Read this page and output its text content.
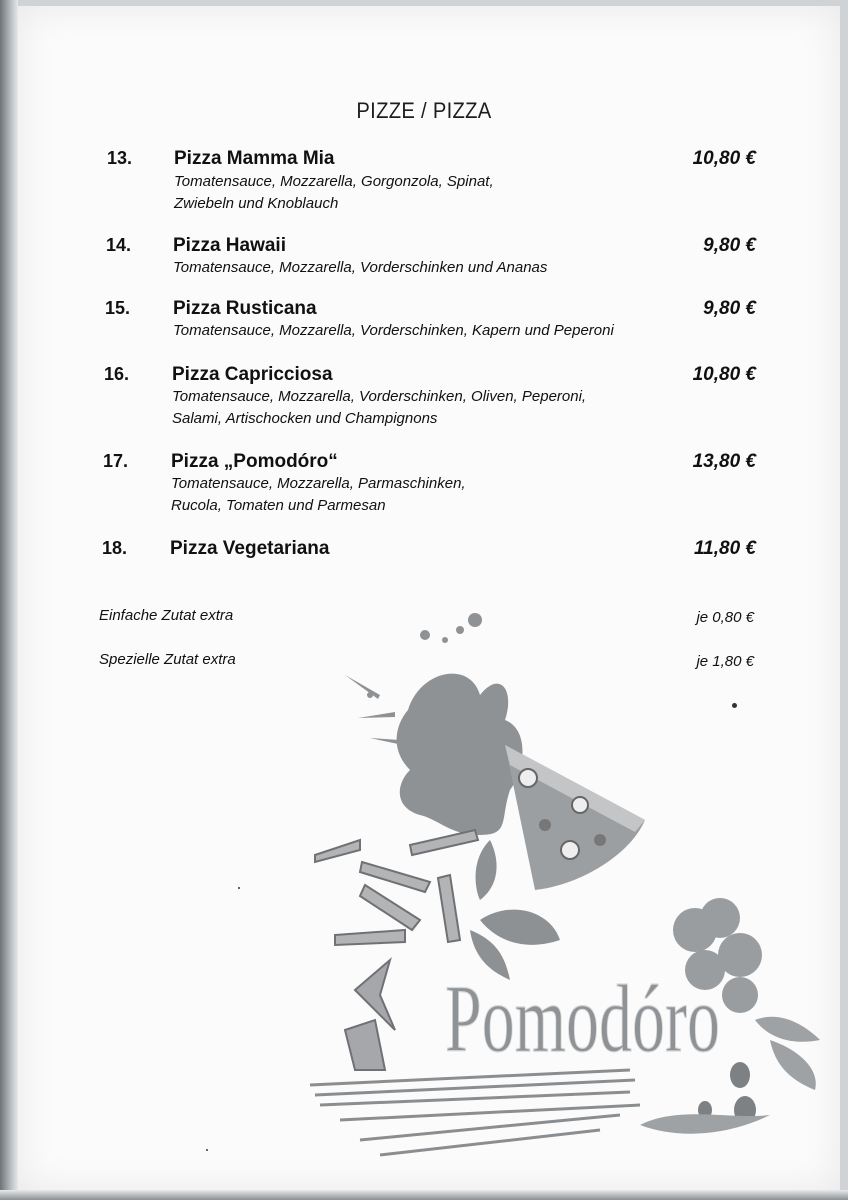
PIZZE / PIZZA
13. Pizza Mamma Mia	10,80 €
Tomatensauce, Mozzarella, Gorgonzola, Spinat,
Zwiebeln und Knoblauch
14. Pizza Hawaii	9,80 €
Tomatensauce, Mozzarella, Vorderschinken und Ananas
15. Pizza Rusticana	9,80 €
Tomatensauce, Mozzarella, Vorderschinken, Kapern und Peperoni
16. Pizza Capricciosa	10,80 €
Tomatensauce, Mozzarella, Vorderschinken, Oliven, Peperoni,
Salami, Artischocken und Champignons
17. Pizza „Pomodóro“	13,80 €
Tomatensauce, Mozzarella, Parmaschinken,
Rucola, Tomaten und Parmesan
18. Pizza Vegetariana	11,80 €
Einfache Zutat extra	je 0,80 €
Spezielle Zutat extra	je 1,80 €
Pomodóro
